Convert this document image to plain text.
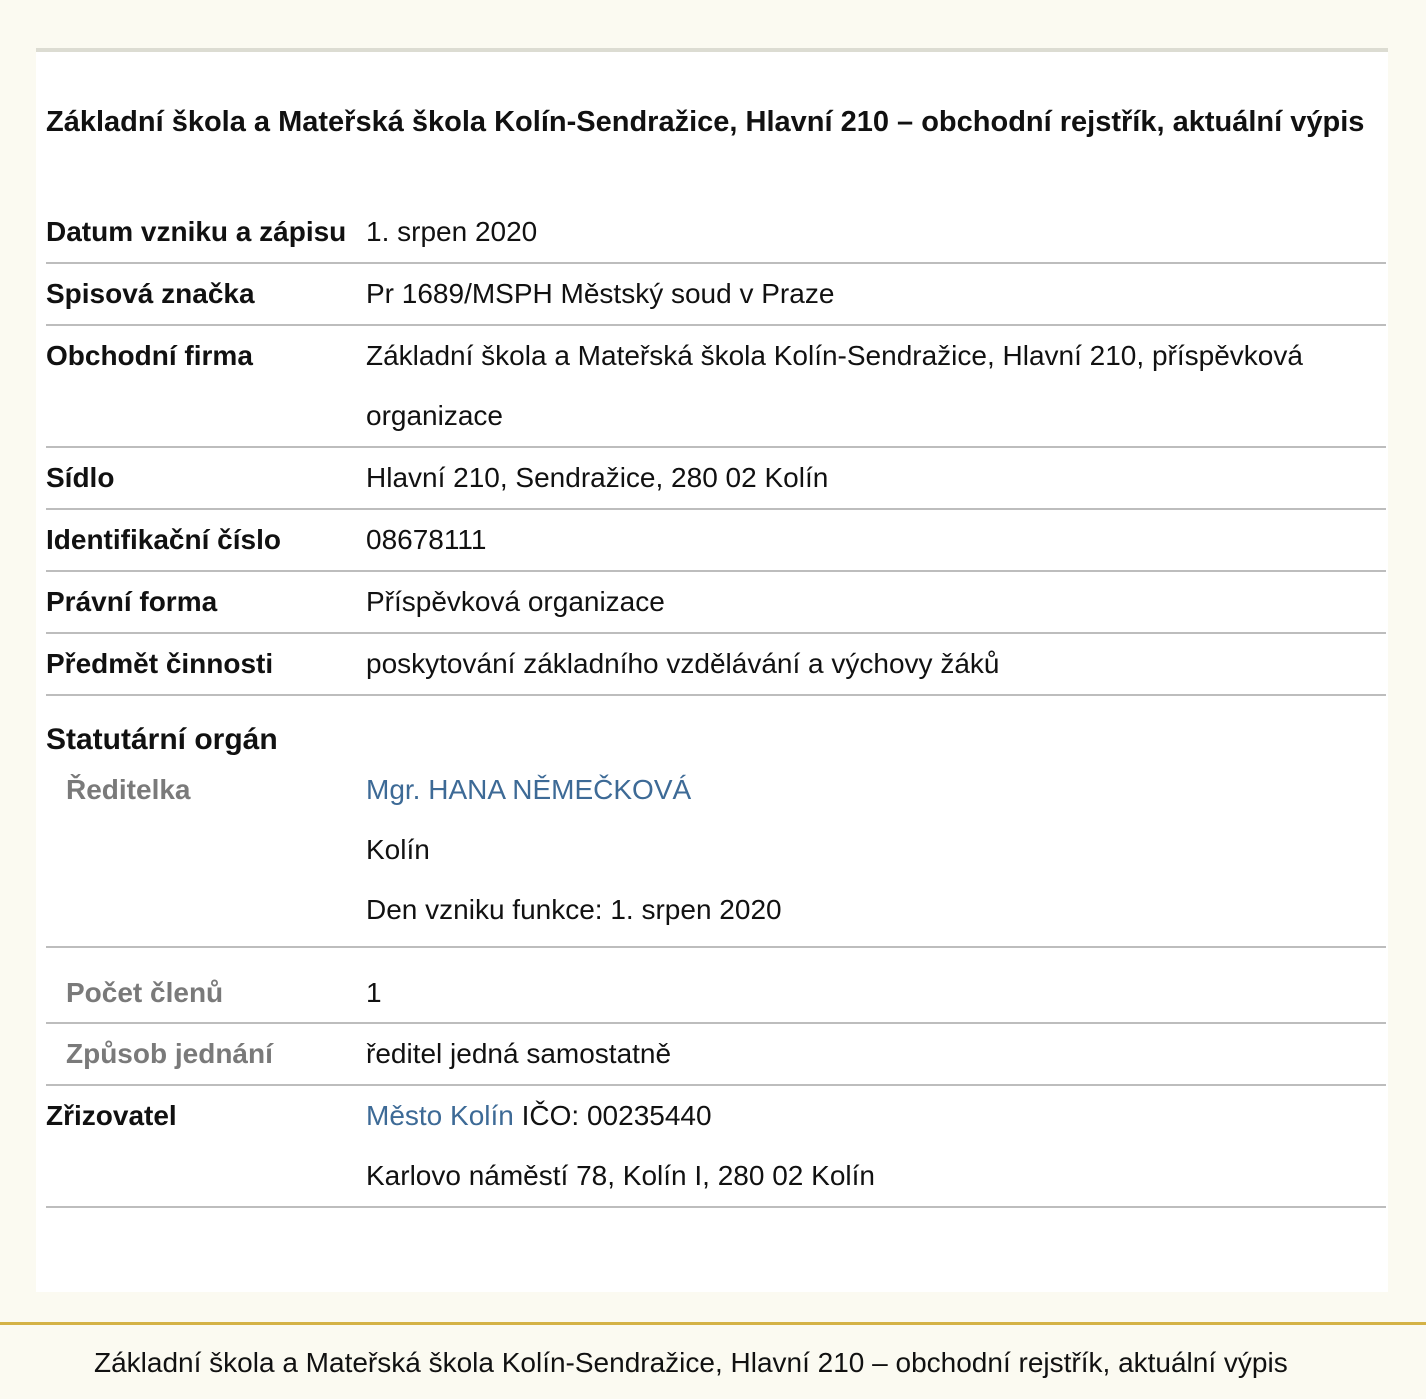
Základní škola a Mateřská škola Kolín-Sendražice, Hlavní 210 – obchodní rejstřík, aktuální výpis
Datum vzniku a zápisu	1. srpen 2020
Spisová značka	Pr 1689/MSPH Městský soud v Praze
Obchodní firma	Základní škola a Mateřská škola Kolín-Sendražice, Hlavní 210, příspěvková organizace
Sídlo	Hlavní 210, Sendražice, 280 02 Kolín
Identifikační číslo	08678111
Právní forma	Příspěvková organizace
Předmět činnosti	poskytování základního vzdělávání a výchovy žáků
Statutární orgán	
Ředitelka	Mgr. HANA NĚMEČKOVÁ
Kolín
Den vzniku funkce: 1. srpen 2020

Počet členů	1
Způsob jednání	ředitel jedná samostatně
Zřizovatel	Město Kolín IČO: 00235440
Karlovo náměstí 78, Kolín I, 280 02 Kolín
Základní škola a Mateřská škola Kolín-Sendražice, Hlavní 210 – obchodní rejstřík, aktuální výpis
